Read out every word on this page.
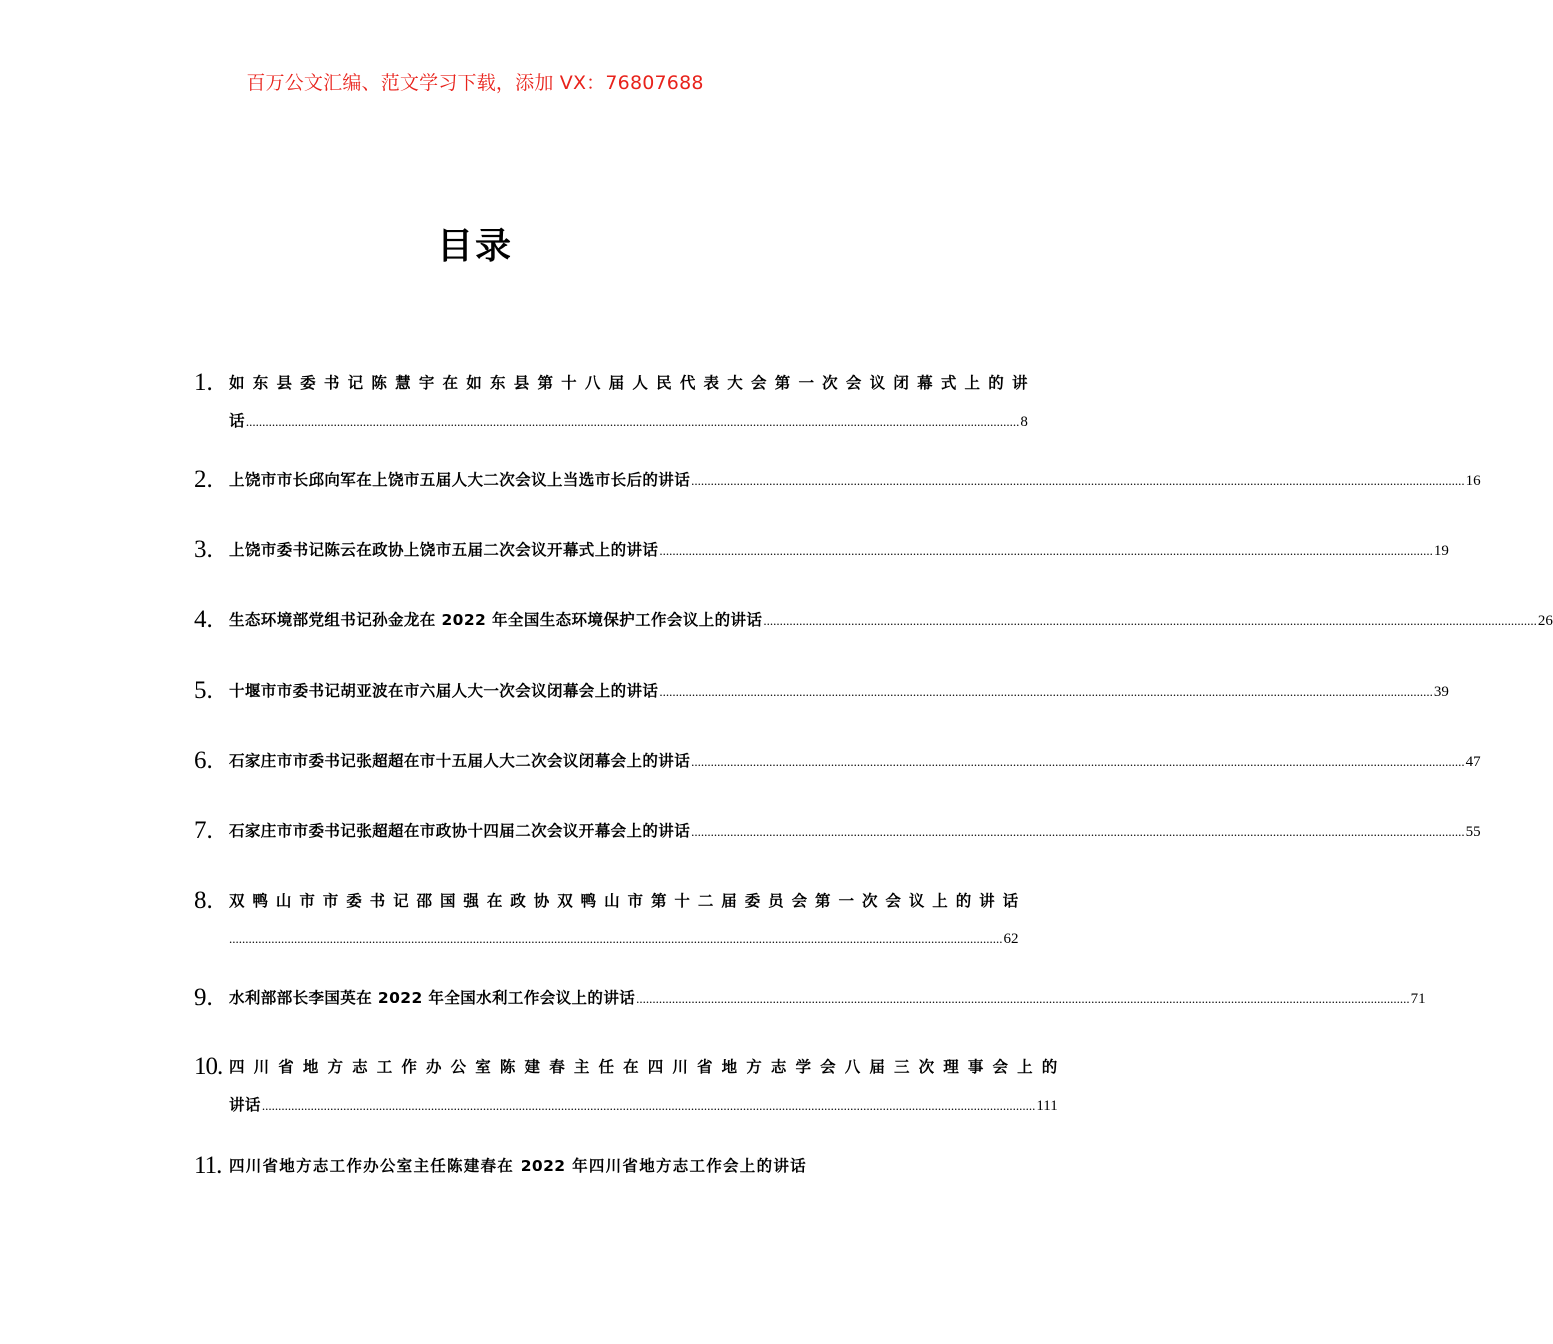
百万公文汇编、范文学习下载，添加 VX：76807688
目录
1.	如东县委书记陈慧宇在如东县第十八届人民代表大会第一次会议闭幕式上的讲
话 .............................................................................................................................................................................................................................................. 8
2.	上饶市市长邱向军在上饶市五届人大二次会议上当选市长后的讲话 .............................................................................................................................................................................................................................................. 16
3.	上饶市委书记陈云在政协上饶市五届二次会议开幕式上的讲话 .............................................................................................................................................................................................................................................. 19
4.	生态环境部党组书记孙金龙在 2022 年全国生态环境保护工作会议上的讲话 .............................................................................................................................................................................................................................................. 26
5.	十堰市市委书记胡亚波在市六届人大一次会议闭幕会上的讲话 .............................................................................................................................................................................................................................................. 39
6.	石家庄市市委书记张超超在市十五届人大二次会议闭幕会上的讲话 .............................................................................................................................................................................................................................................. 47
7.	石家庄市市委书记张超超在市政协十四届二次会议开幕会上的讲话 .............................................................................................................................................................................................................................................. 55
8.	双鸭山市市委书记邵国强在政协双鸭山市第十二届委员会第一次会议上的讲话
.............................................................................................................................................................................................................................................. 62
9.	水利部部长李国英在 2022 年全国水利工作会议上的讲话 .............................................................................................................................................................................................................................................. 71
10. 四川省地方志工作办公室陈建春主任在四川省地方志学会八届三次理事会上的
讲话 .............................................................................................................................................................................................................................................. 111
11. 四川省地方志工作办公室主任陈建春在 2022 年四川省地方志工作会上的讲话
